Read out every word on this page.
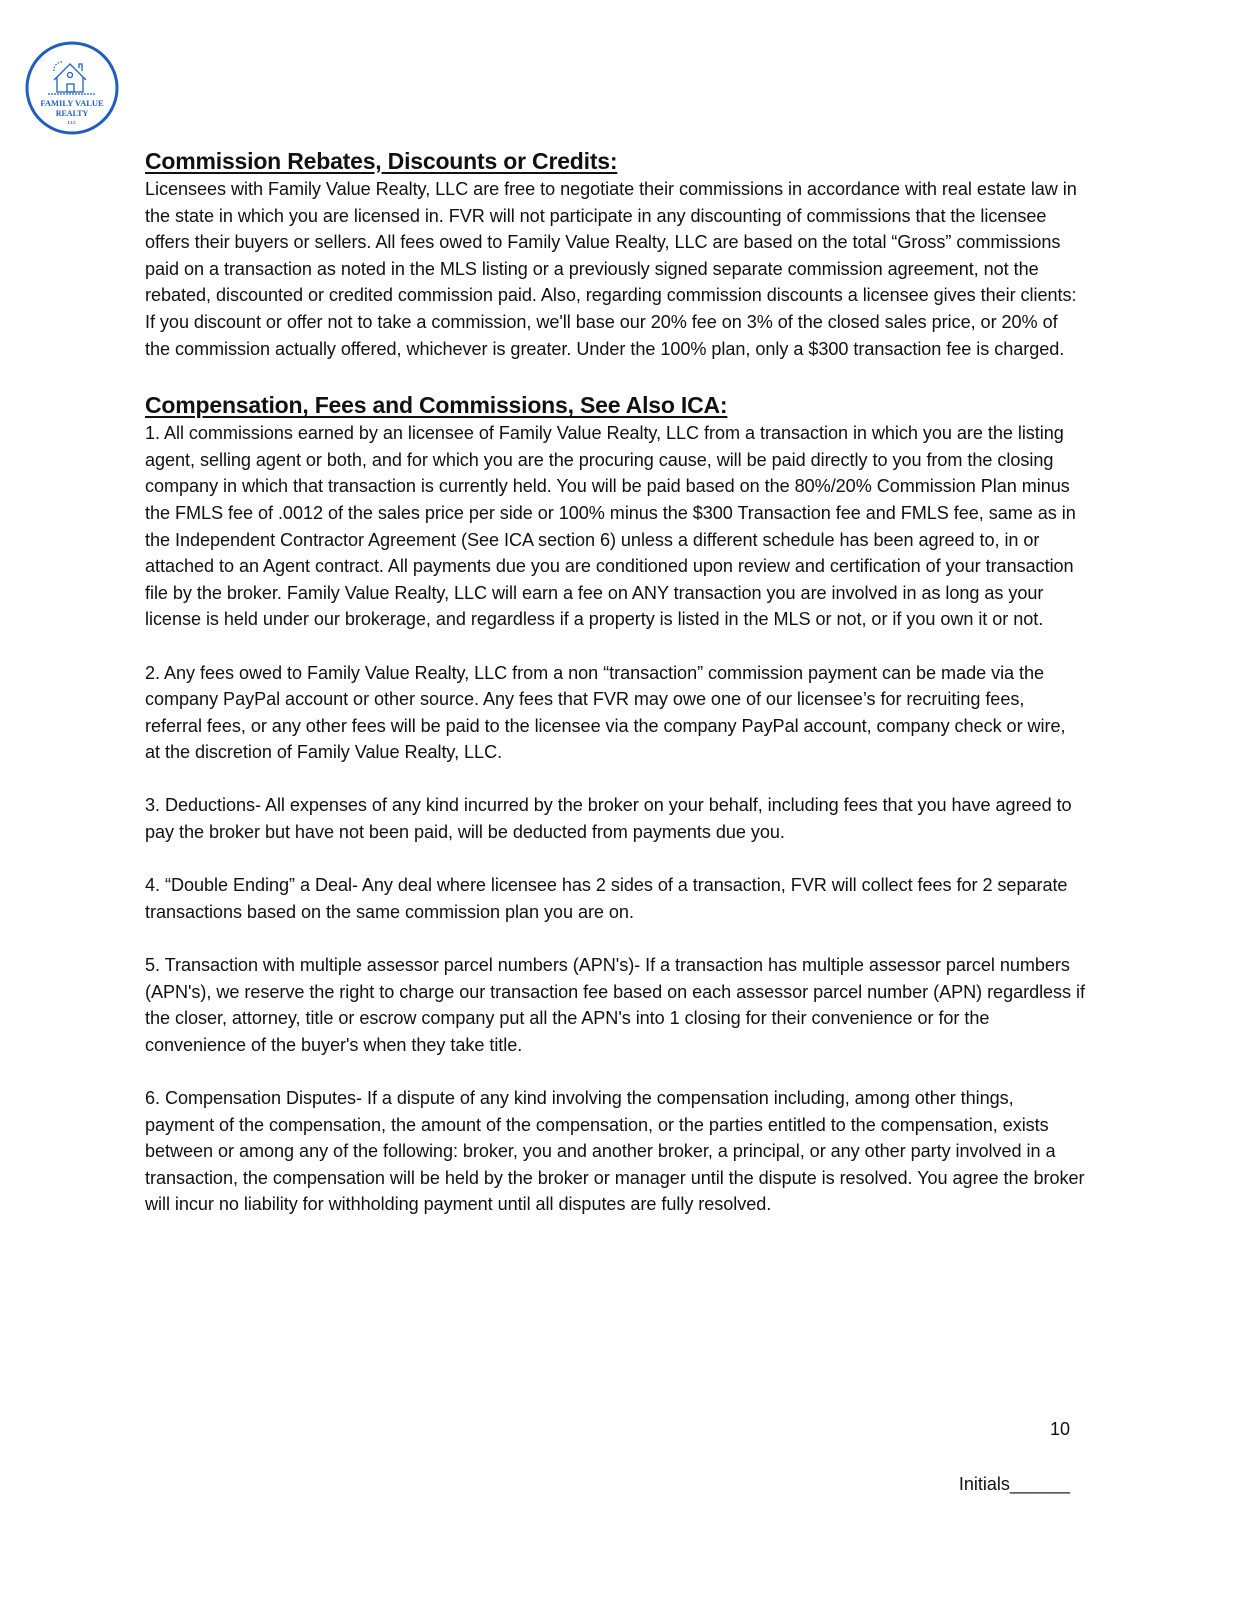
FAMILY VALUE
REALTY
LLC
Commission Rebates, Discounts or Credits:

Licensees with Family Value Realty, LLC are free to negotiate their commissions in accordance with real estate law in the state in which you are licensed in. FVR will not participate in any discounting of commissions that the licensee offers their buyers or sellers. All fees owed to Family Value Realty, LLC are based on the total “Gross” commissions paid on a transaction as noted in the MLS listing or a previously signed separate commission agreement, not the rebated, discounted or credited commission paid. Also, regarding commission discounts a licensee gives their clients: If you discount or offer not to take a commission, we'll base our 20% fee on 3% of the closed sales price, or 20% of the commission actually offered, whichever is greater. Under the 100% plan, only a $300 transaction fee is charged.

Compensation, Fees and Commissions, See Also ICA:

1. All commissions earned by an licensee of Family Value Realty, LLC from a transaction in which you are the listing agent, selling agent or both, and for which you are the procuring cause, will be paid directly to you from the closing company in which that transaction is currently held. You will be paid based on the 80%/20% Commission Plan minus the FMLS fee of .0012 of the sales price per side or 100% minus the $300 Transaction fee and FMLS fee, same as in the Independent Contractor Agreement (See ICA section 6) unless a different schedule has been agreed to, in or attached to an Agent contract. All payments due you are conditioned upon review and certification of your transaction file by the broker. Family Value Realty, LLC will earn a fee on ANY transaction you are involved in as long as your license is held under our brokerage, and regardless if a property is listed in the MLS or not, or if you own it or not.

2. Any fees owed to Family Value Realty, LLC from a non “transaction” commission payment can be made via the company PayPal account or other source. Any fees that FVR may owe one of our licensee’s for recruiting fees, referral fees, or any other fees will be paid to the licensee via the company PayPal account, company check or wire, at the discretion of Family Value Realty, LLC.

3. Deductions- All expenses of any kind incurred by the broker on your behalf, including fees that you have agreed to pay the broker but have not been paid, will be deducted from payments due you.

4. “Double Ending” a Deal- Any deal where licensee has 2 sides of a transaction, FVR will collect fees for 2 separate transactions based on the same commission plan you are on.

5. Transaction with multiple assessor parcel numbers (APN's)- If a transaction has multiple assessor parcel numbers (APN's), we reserve the right to charge our transaction fee based on each assessor parcel number (APN) regardless if the closer, attorney, title or escrow company put all the APN's into 1 closing for their convenience or for the convenience of the buyer's when they take title.

6. Compensation Disputes- If a dispute of any kind involving the compensation including, among other things, payment of the compensation, the amount of the compensation, or the parties entitled to the compensation, exists between or among any of the following: broker, you and another broker, a principal, or any other party involved in a transaction, the compensation will be held by the broker or manager until the dispute is resolved. You agree the broker will incur no liability for withholding payment until all disputes are fully resolved.

10
Initials______
